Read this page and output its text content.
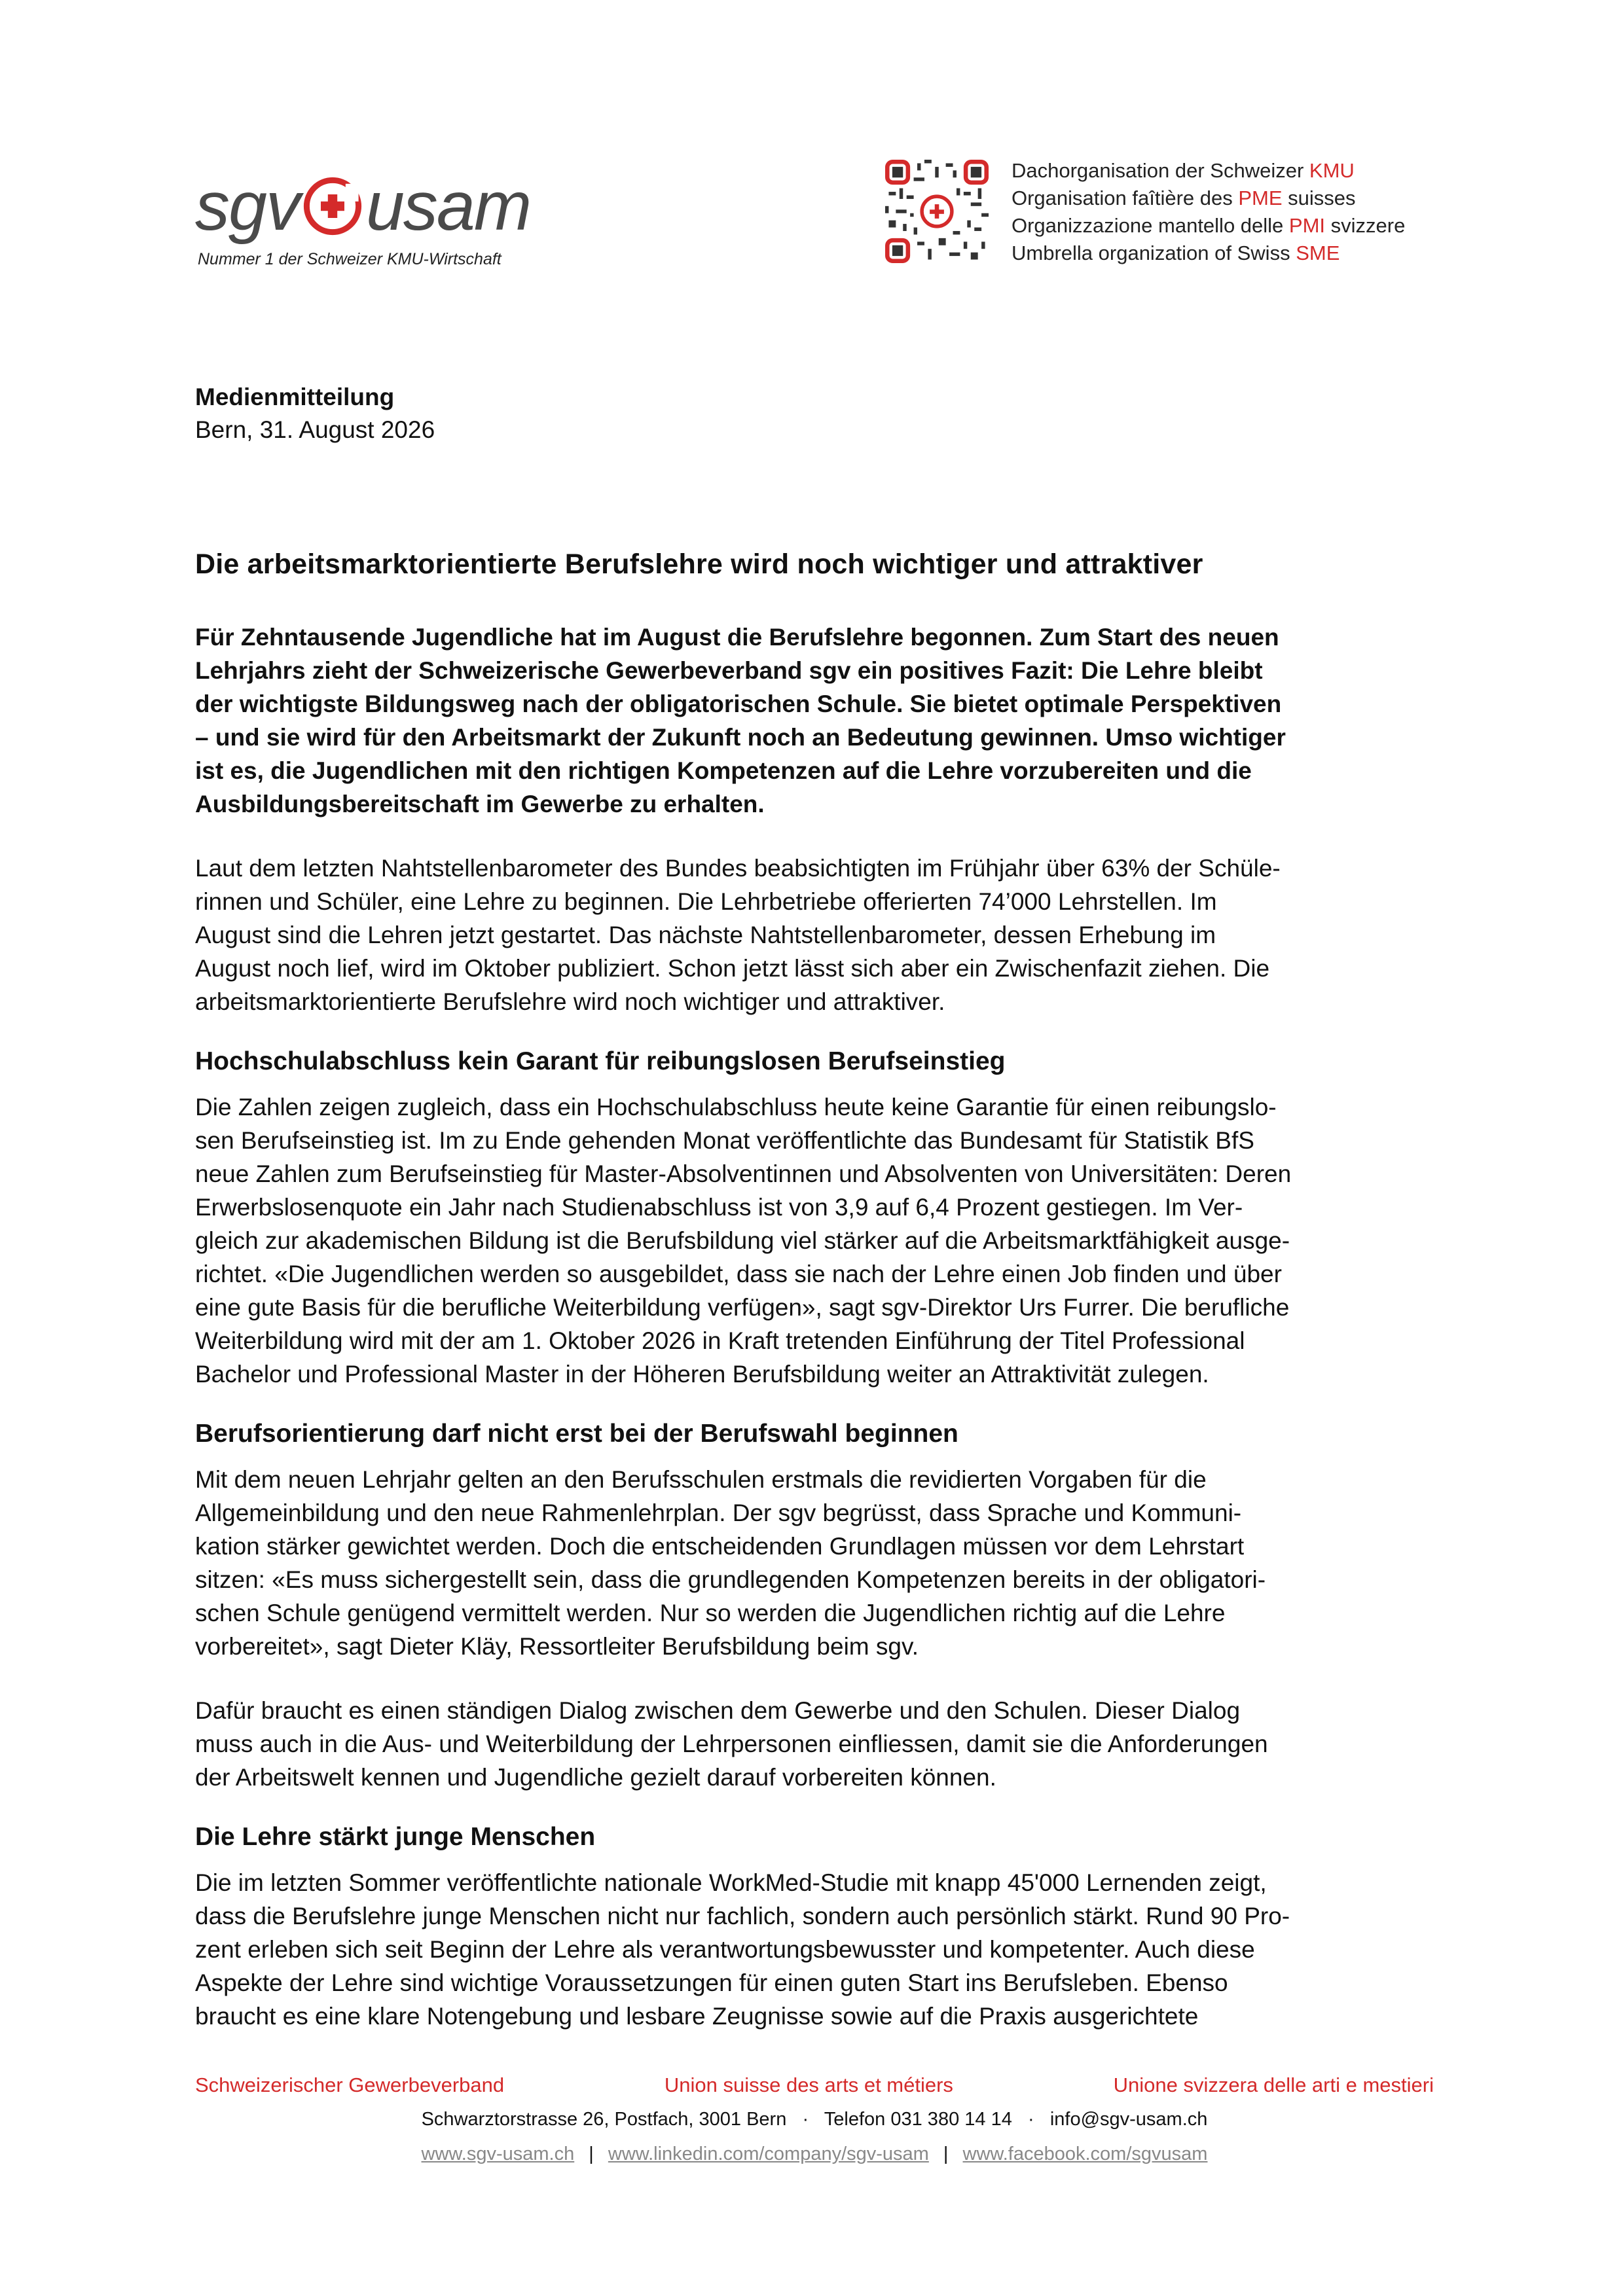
sgv usam
Nummer 1 der Schweizer KMU-Wirtschaft
Dachorganisation der Schweizer KMU
Organisation faîtière des PME suisses
Organizzazione mantello delle PMI svizzere
Umbrella organization of Swiss SME

Medienmitteilung

Bern, 31. August 2026

Die arbeitsmarktorientierte Berufslehre wird noch wichtiger und attraktiver

Für Zehntausende Jugendliche hat im August die Berufslehre begonnen. Zum Start des neuen
Lehrjahrs zieht der Schweizerische Gewerbeverband sgv ein positives Fazit: Die Lehre bleibt
der wichtigste Bildungsweg nach der obligatorischen Schule. Sie bietet optimale Perspektiven
– und sie wird für den Arbeitsmarkt der Zukunft noch an Bedeutung gewinnen. Umso wichtiger
ist es, die Jugendlichen mit den richtigen Kompetenzen auf die Lehre vorzubereiten und die
Ausbildungsbereitschaft im Gewerbe zu erhalten.

Laut dem letzten Nahtstellenbarometer des Bundes beabsichtigten im Frühjahr über 63% der Schüle-
rinnen und Schüler, eine Lehre zu beginnen. Die Lehrbetriebe offerierten 74’000 Lehrstellen. Im
August sind die Lehren jetzt gestartet. Das nächste Nahtstellenbarometer, dessen Erhebung im
August noch lief, wird im Oktober publiziert. Schon jetzt lässt sich aber ein Zwischenfazit ziehen. Die
arbeitsmarktorientierte Berufslehre wird noch wichtiger und attraktiver.

Hochschulabschluss kein Garant für reibungslosen Berufseinstieg

Die Zahlen zeigen zugleich, dass ein Hochschulabschluss heute keine Garantie für einen reibungslo-
sen Berufseinstieg ist. Im zu Ende gehenden Monat veröffentlichte das Bundesamt für Statistik BfS
neue Zahlen zum Berufseinstieg für Master-Absolventinnen und Absolventen von Universitäten: Deren
Erwerbslosenquote ein Jahr nach Studienabschluss ist von 3,9 auf 6,4 Prozent gestiegen. Im Ver-
gleich zur akademischen Bildung ist die Berufsbildung viel stärker auf die Arbeitsmarktfähigkeit ausge-
richtet. «Die Jugendlichen werden so ausgebildet, dass sie nach der Lehre einen Job finden und über
eine gute Basis für die berufliche Weiterbildung verfügen», sagt sgv-Direktor Urs Furrer. Die berufliche
Weiterbildung wird mit der am 1. Oktober 2026 in Kraft tretenden Einführung der Titel Professional
Bachelor und Professional Master in der Höheren Berufsbildung weiter an Attraktivität zulegen.

Berufsorientierung darf nicht erst bei der Berufswahl beginnen

Mit dem neuen Lehrjahr gelten an den Berufsschulen erstmals die revidierten Vorgaben für die
Allgemeinbildung und den neue Rahmenlehrplan. Der sgv begrüsst, dass Sprache und Kommuni-
kation stärker gewichtet werden. Doch die entscheidenden Grundlagen müssen vor dem Lehrstart
sitzen: «Es muss sichergestellt sein, dass die grundlegenden Kompetenzen bereits in der obligatori-
schen Schule genügend vermittelt werden. Nur so werden die Jugendlichen richtig auf die Lehre
vorbereitet», sagt Dieter Kläy, Ressortleiter Berufsbildung beim sgv.

Dafür braucht es einen ständigen Dialog zwischen dem Gewerbe und den Schulen. Dieser Dialog
muss auch in die Aus- und Weiterbildung der Lehrpersonen einfliessen, damit sie die Anforderungen
der Arbeitswelt kennen und Jugendliche gezielt darauf vorbereiten können.

Die Lehre stärkt junge Menschen

Die im letzten Sommer veröffentlichte nationale WorkMed-Studie mit knapp 45'000 Lernenden zeigt,
dass die Berufslehre junge Menschen nicht nur fachlich, sondern auch persönlich stärkt. Rund 90 Pro-
zent erleben sich seit Beginn der Lehre als verantwortungsbewusster und kompetenter. Auch diese
Aspekte der Lehre sind wichtige Voraussetzungen für einen guten Start ins Berufsleben. Ebenso
braucht es eine klare Notengebung und lesbare Zeugnisse sowie auf die Praxis ausgerichtete

Schweizerischer Gewerbeverband	Union suisse des arts et métiers	Unione svizzera delle arti e mestieri
Schwarztorstrasse 26, Postfach, 3001 Bern   ·   Telefon 031 380 14 14   ·   info@sgv-usam.ch
www.sgv-usam.ch | www.linkedin.com/company/sgv-usam | www.facebook.com/sgvusam
